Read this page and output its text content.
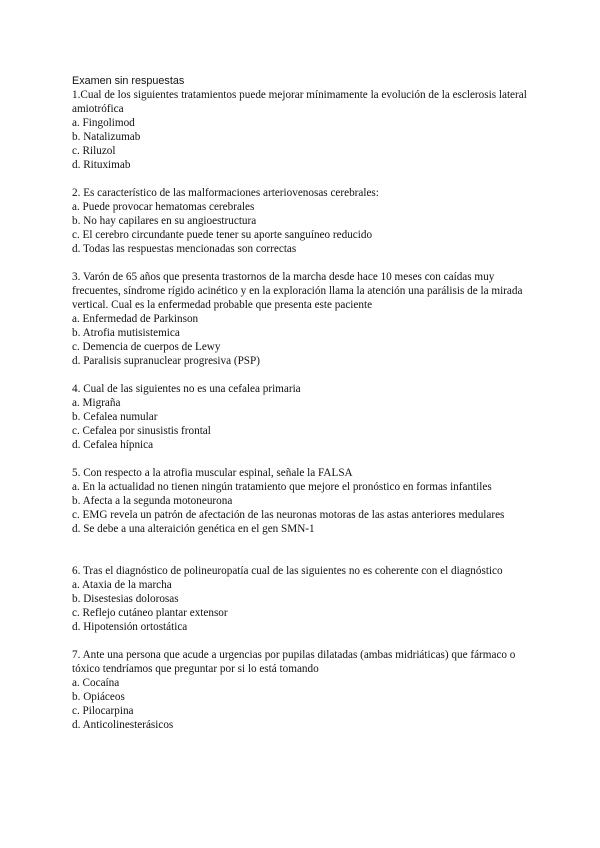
Examen sin respuestas

1.Cual de los siguientes tratamientos puede mejorar mínimamente la evolución de la esclerosis lateral amiotrófica

a. Fingolimod
b. Natalizumab
c. Riluzol
d. Rituximab

2. Es característico de las malformaciones arteriovenosas cerebrales:

a. Puede provocar hematomas cerebrales
b. No hay capilares en su angioestructura
c. El cerebro circundante puede tener su aporte sanguíneo reducido
d. Todas las respuestas mencionadas son correctas

3. Varón de 65 años que presenta trastornos de la marcha desde hace 10 meses con caídas muy frecuentes, síndrome rígido acinético y en la exploración llama la atención una parálisis de la mirada vertical. Cual es la enfermedad probable que presenta este paciente

a. Enfermedad de Parkinson
b. Atrofia mutisistemica
c. Demencia de cuerpos de Lewy
d. Paralisis supranuclear progresiva (PSP)

4. Cual de las siguientes no es una cefalea primaria

a. Migraña
b. Cefalea numular
c. Cefalea por sinusistis frontal
d. Cefalea hípnica

5. Con respecto a la atrofia muscular espinal, señale la FALSA

a. En la actualidad no tienen ningún tratamiento que mejore el pronóstico en formas infantiles
b. Afecta a la segunda motoneurona
c. EMG revela un patrón de afectación de las neuronas motoras de las astas anteriores medulares
d. Se debe a una alteraición genética en el gen SMN-1

6. Tras el diagnóstico de polineuropatía cual de las siguientes no es coherente con el diagnóstico

a. Ataxia de la marcha
b. Disestesias dolorosas
c. Reflejo cutáneo plantar extensor
d. Hipotensión ortostática

7. Ante una persona que acude a urgencias por pupilas dilatadas (ambas midriáticas) que fármaco o tóxico tendríamos que preguntar por si lo está tomando

a. Cocaína
b. Opiáceos
c. Pilocarpina
d. Anticolinesterásicos
